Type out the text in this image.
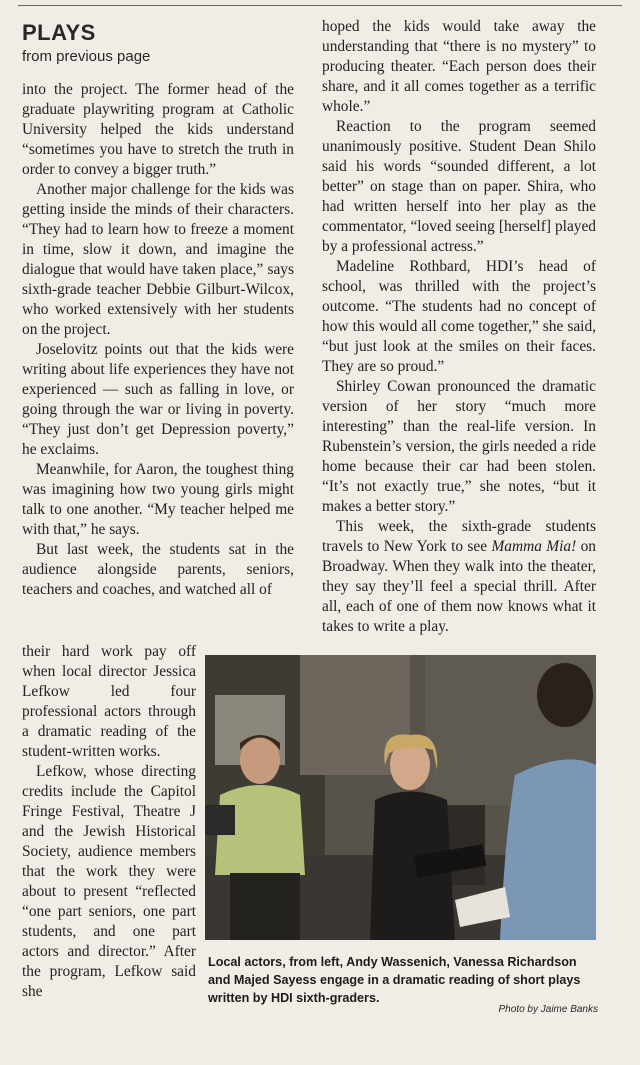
PLAYS
from previous page

into the project. The former head of the graduate playwriting program at Catholic University helped the kids understand “sometimes you have to stretch the truth in order to convey a bigger truth.”

Another major challenge for the kids was getting inside the minds of their characters. “They had to learn how to freeze a moment in time, slow it down, and imagine the dialogue that would have taken place,” says sixth-grade teacher Debbie Gilburt-Wilcox, who worked extensively with her students on the project.

Joselovitz points out that the kids were writing about life experiences they have not experienced — such as falling in love, or going through the war or living in poverty. “They just don’t get Depression poverty,” he exclaims.

Meanwhile, for Aaron, the toughest thing was imagining how two young girls might talk to one another. “My teacher helped me with that,” he says.

But last week, the students sat in the audience alongside parents, seniors, teachers and coaches, and watched all of

their hard work pay off when local director Jessica Lefkow led four professional actors through a dramatic reading of the student-written works.

Lefkow, whose directing credits include the Capitol Fringe Festival, Theatre J and the Jewish Historical Society, audience members that the work they were about to present “reflected “one part seniors, one part students, and one part actors and director.” After the program, Lefkow said she

hoped the kids would take away the understanding that “there is no mystery” to producing theater. “Each person does their share, and it all comes together as a terrific whole.”

Reaction to the program seemed unanimously positive. Student Dean Shilo said his words “sounded different, a lot better” on stage than on paper. Shira, who had written herself into her play as the commentator, “loved seeing [herself] played by a professional actress.”

Madeline Rothbard, HDI’s head of school, was thrilled with the project’s outcome. “The students had no concept of how this would all come together,” she said, “but just look at the smiles on their faces. They are so proud.”

Shirley Cowan pronounced the dramatic version of her story “much more interesting” than the real-life version. In Rubenstein’s version, the girls needed a ride home because their car had been stolen. “It’s not exactly true,” she notes, “but it makes a better story.”

This week, the sixth-grade students travels to New York to see Mamma Mia! on Broadway. When they walk into the theater, they say they’ll feel a special thrill. After all, each of one of them now knows what it takes to write a play.

Local actors, from left, Andy Wassenich, Vanessa Richardson and Majed Sayess engage in a dramatic reading of short plays written by HDI sixth-graders.
Photo by Jaime Banks
